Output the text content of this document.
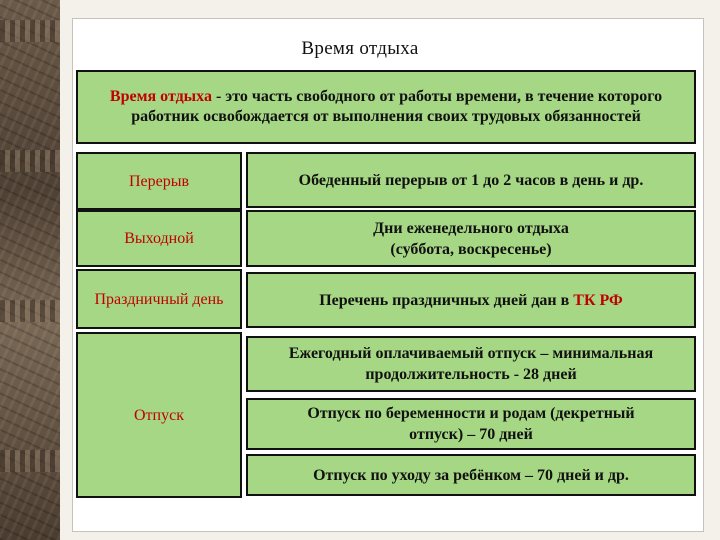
Время отдыха
Время отдыха - это часть свободного от работы времени, в течение которого работник освобождается от выполнения своих трудовых обязанностей
Перерыв	Обеденный перерыв от 1 до 2 часов в день и др.
Выходной
Дни еженедельного отдыха (суббота, воскресенье)
Праздничный день	Перечень праздничных дней дан в ТК РФ
Отпуск
Ежегодный оплачиваемый отпуск – минимальная продолжительность - 28 дней
Отпуск по беременности и родам (декретный отпуск) – 70 дней
Отпуск по уходу за ребёнком – 70 дней и др.
